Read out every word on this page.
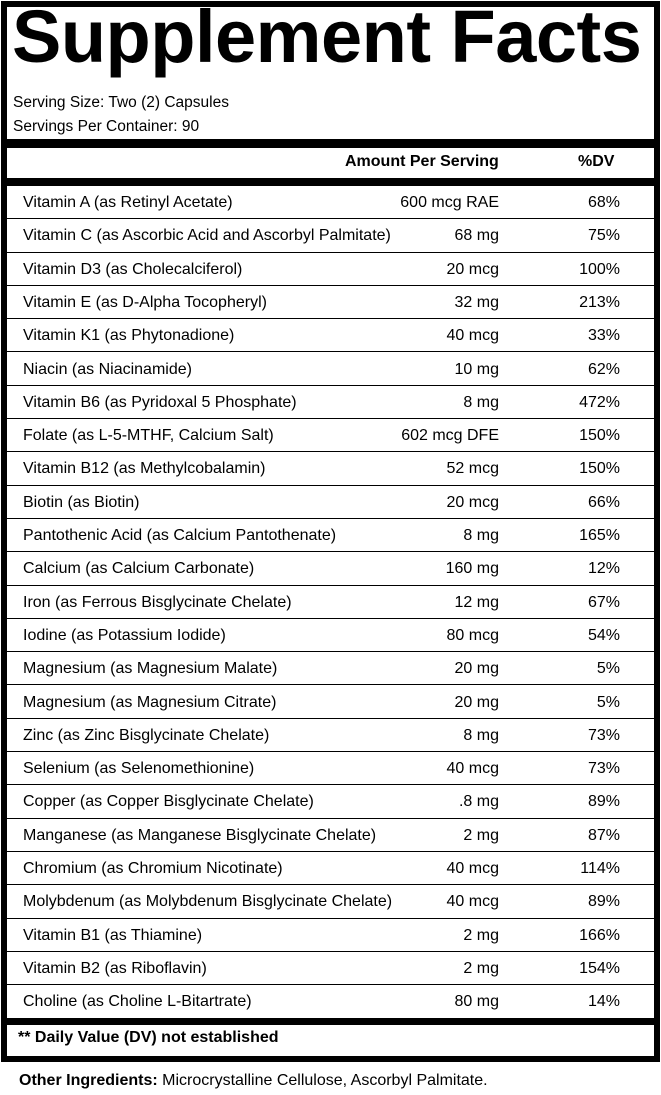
Supplement Facts
Serving Size: Two (2) Capsules
Servings Per Container: 90
Amount Per Serving	%DV
Vitamin A (as Retinyl Acetate)	600 mcg RAE	68%
Vitamin C (as Ascorbic Acid and Ascorbyl Palmitate)	68 mg	75%
Vitamin D3 (as Cholecalciferol)	20 mcg	100%
Vitamin E (as D-Alpha Tocopheryl)	32 mg	213%
Vitamin K1 (as Phytonadione)	40 mcg	33%
Niacin (as Niacinamide)	10 mg	62%
Vitamin B6 (as Pyridoxal 5 Phosphate)	8 mg	472%
Folate (as L-5-MTHF, Calcium Salt)	602 mcg DFE	150%
Vitamin B12 (as Methylcobalamin)	52 mcg	150%
Biotin (as Biotin)	20 mcg	66%
Pantothenic Acid (as Calcium Pantothenate)	8 mg	165%
Calcium (as Calcium Carbonate)	160 mg	12%
Iron (as Ferrous Bisglycinate Chelate)	12 mg	67%
Iodine (as Potassium Iodide)	80 mcg	54%
Magnesium (as Magnesium Malate)	20 mg	5%
Magnesium (as Magnesium Citrate)	20 mg	5%
Zinc (as Zinc Bisglycinate Chelate)	8 mg	73%
Selenium (as Selenomethionine)	40 mcg	73%
Copper (as Copper Bisglycinate Chelate)	.8 mg	89%
Manganese (as Manganese Bisglycinate Chelate)	2 mg	87%
Chromium (as Chromium Nicotinate)	40 mcg	114%
Molybdenum (as Molybdenum Bisglycinate Chelate)	40 mcg	89%
Vitamin B1 (as Thiamine)	2 mg	166%
Vitamin B2 (as Riboflavin)	2 mg	154%
Choline (as Choline L-Bitartrate)	80 mg	14%
** Daily Value (DV) not established
Other Ingredients: Microcrystalline Cellulose, Ascorbyl Palmitate.
